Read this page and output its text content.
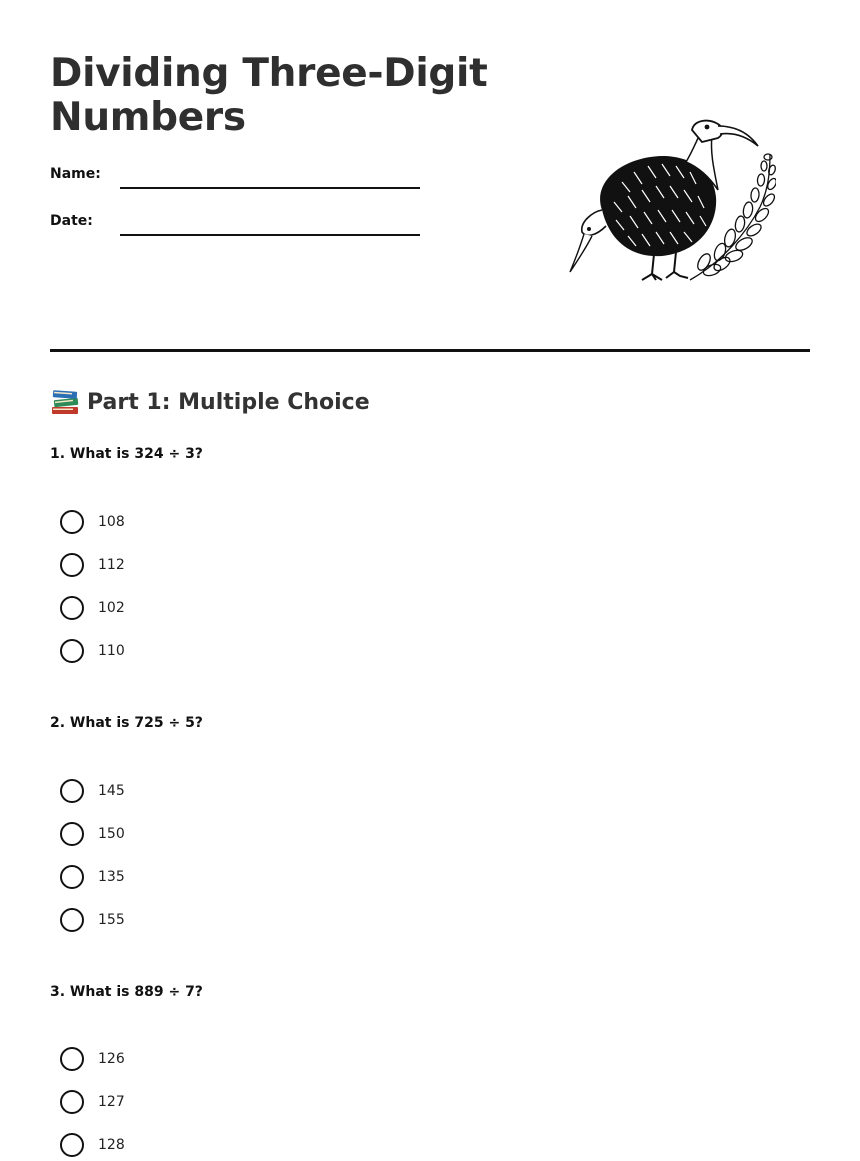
Dividing Three-Digit Numbers
Name:
Date:
Part 1: Multiple Choice

1. What is 324 ÷ 3?

108
112
102
110

2. What is 725 ÷ 5?

145
150
135
155

3. What is 889 ÷ 7?

126
127
128
